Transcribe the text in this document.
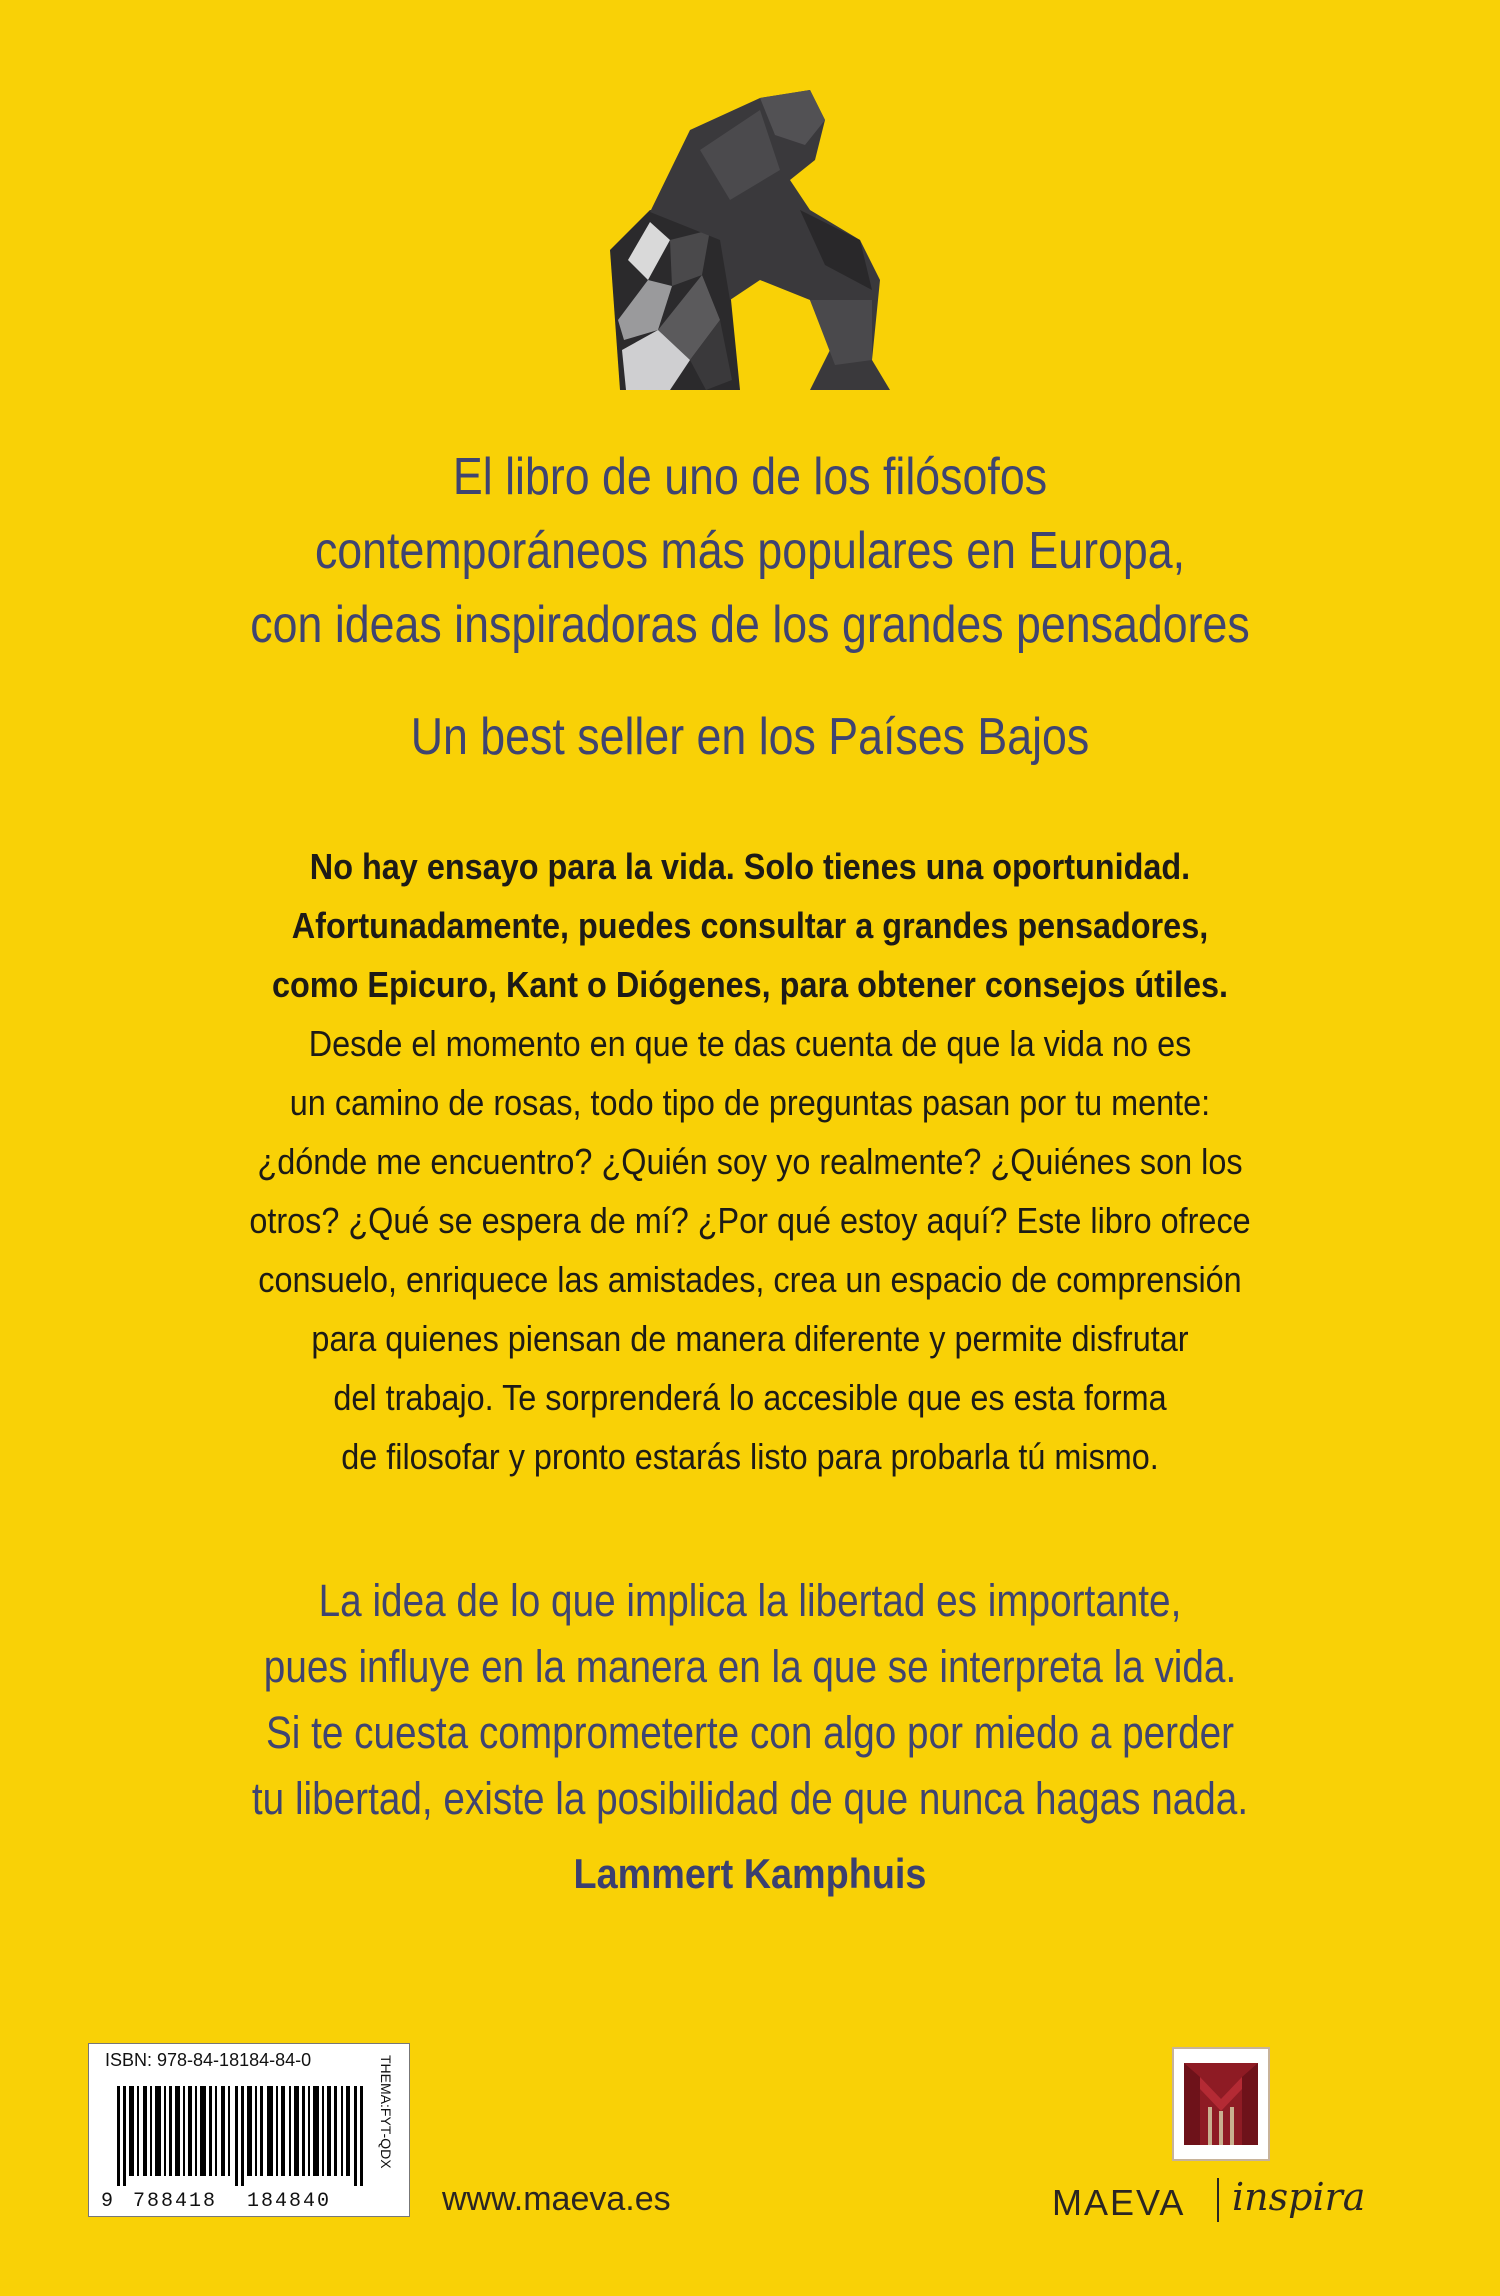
El libro de uno de los filósofos
contemporáneos más populares en Europa,
con ideas inspiradoras de los grandes pensadores
Un best seller en los Países Bajos
No hay ensayo para la vida. Solo tienes una oportunidad.
Afortunadamente, puedes consultar a grandes pensadores,
como Epicuro, Kant o Diógenes, para obtener consejos útiles.
Desde el momento en que te das cuenta de que la vida no es
un camino de rosas, todo tipo de preguntas pasan por tu mente:
¿dónde me encuentro? ¿Quién soy yo realmente? ¿Quiénes son los
otros? ¿Qué se espera de mí? ¿Por qué estoy aquí? Este libro ofrece
consuelo, enriquece las amistades, crea un espacio de comprensión
para quienes piensan de manera diferente y permite disfrutar
del trabajo. Te sorprenderá lo accesible que es esta forma
de filosofar y pronto estarás listo para probarla tú mismo.
La idea de lo que implica la libertad es importante,
pues influye en la manera en la que se interpreta la vida.
Si te cuesta comprometerte con algo por miedo a perder
tu libertad, existe la posibilidad de que nunca hagas nada.
Lammert Kamphuis
ISBN: 978-84-18184-84-0
9 788418 184840
THEMA:FYT-QDX
www.maeva.es	MAEVA inspira
